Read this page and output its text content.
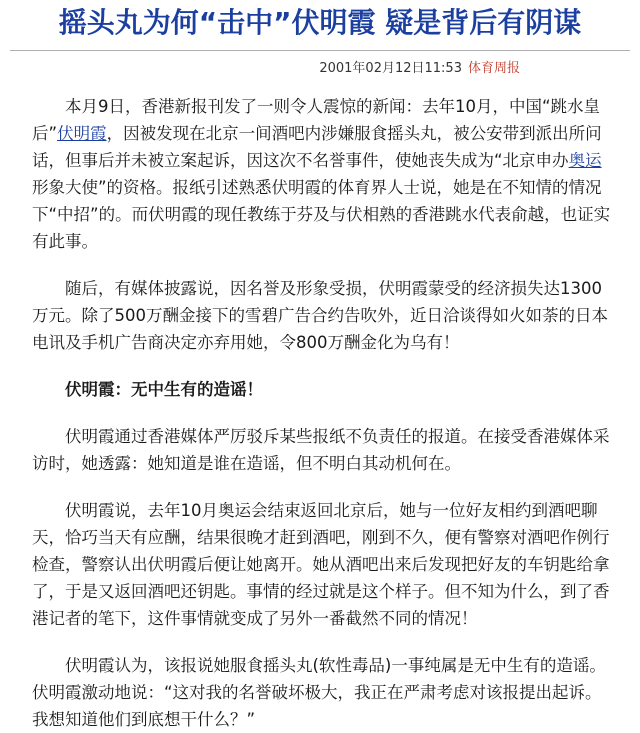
摇头丸为何“击中”伏明霞 疑是背后有阴谋
2001年02月12日11:53 体育周报

本月9日，香港新报刊发了一则令人震惊的新闻：去年10月，中国“跳水皇后”伏明霞，因被发现在北京一间酒吧内涉嫌服食摇头丸，被公安带到派出所问话，但事后并未被立案起诉，因这次不名誉事件，使她丧失成为“北京申办奥运形象大使”的资格。报纸引述熟悉伏明霞的体育界人士说，她是在不知情的情况下“中招”的。而伏明霞的现任教练于芬及与伏相熟的香港跳水代表俞越，也证实有此事。

随后，有媒体披露说，因名誉及形象受损，伏明霞蒙受的经济损失达1300万元。除了500万酬金接下的雪碧广告合约告吹外，近日洽谈得如火如荼的日本电讯及手机广告商决定亦弃用她，令800万酬金化为乌有！

伏明霞：无中生有的造谣！

伏明霞通过香港媒体严厉驳斥某些报纸不负责任的报道。在接受香港媒体采访时，她透露：她知道是谁在造谣，但不明白其动机何在。

伏明霞说，去年10月奥运会结束返回北京后，她与一位好友相约到酒吧聊天，恰巧当天有应酬，结果很晚才赶到酒吧，刚到不久，便有警察对酒吧作例行检查，警察认出伏明霞后便让她离开。她从酒吧出来后发现把好友的车钥匙给拿了，于是又返回酒吧还钥匙。事情的经过就是这个样子。但不知为什么，到了香港记者的笔下，这件事情就变成了另外一番截然不同的情况！

伏明霞认为，该报说她服食摇头丸(软性毒品)一事纯属是无中生有的造谣。伏明霞激动地说：“这对我的名誉破坏极大，我正在严肃考虑对该报提出起诉。我想知道他们到底想干什么？”
